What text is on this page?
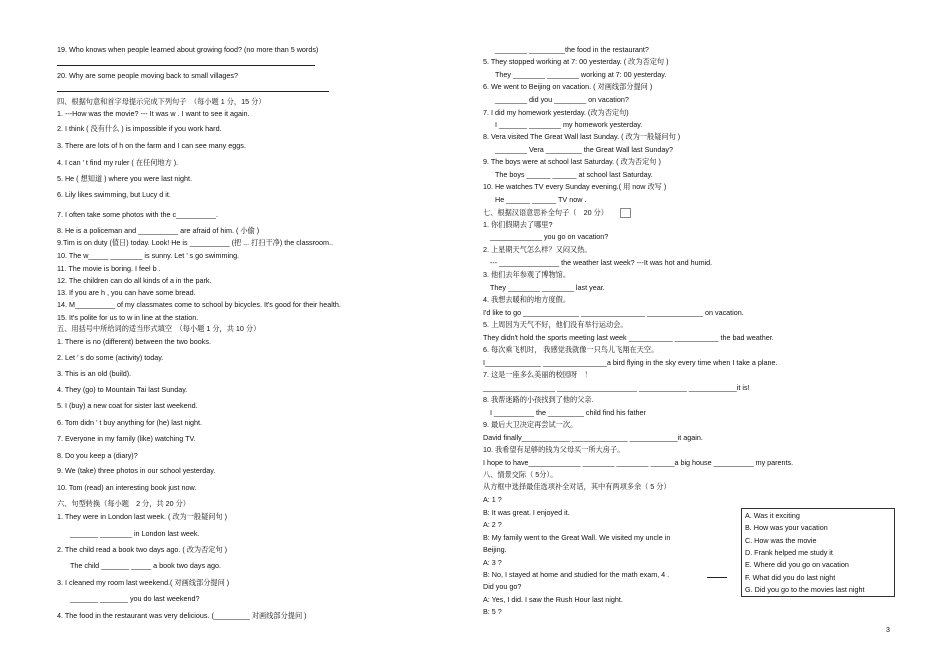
19. Who knows when people learned about growing food? (no more than 5 words)
20. Why are some people moving back to small villages?
四、根据句意和首字母提示完成下列句子　（每小题 1 分，15 分）
1. ---How was the movie? --- It was w . I want to see it again.
2. I think ( 没有什么 ) is impossible if you work hard.
3. There are lots of h on the farm and I can see many eggs.
4. I can ’ t find my ruler ( 在任何地方 ).
5. He ( 想知道 ) where you were last night.
6. Lily likes swimming, but Lucy d it.
7. I often take some photos with the c__________.
8. He is a policeman and __________ are afraid of him. ( 小偷 )
9.Tim is on duty (值日) today. Look! He is __________ (把 ... 打扫干净) the classroom..
10. The w_____ ________ is sunny. Let ’ s go swimming.
11. The movie is boring. I feel b .
12. The children can do all kinds of a in the park.
13. If you are h , you can have some bread.
14. M__________ of my classmates come to school by bicycles. It's good for their health.
15. It's polite for us to w in line at the station.
五、用括号中所给词的适当形式填空　（每小题 1 分，共 10 分）
1. There is no (different) between the two books.
2. Let ’ s do some (activity) today.
3. This is an old (build).
4. They (go) to Mountain Tai last Sunday.
5. I (buy) a new coat for sister last weekend.
6. Tom didn ’ t buy anything for (he) last night.
7. Everyone in my family (like) watching TV.
8. Do you keep a (diary)?
9. We (take) three photos in our school yesterday.
10. Tom (read) an interesting book just now.
六、句型转换（每小题　2 分，共 20 分）
1. They were in London last week. ( 改为一般疑问句 )
_______ ________ in London last week.
2. The child read a book two days ago. ( 改为否定句 )
The child _______ _____ a book two days ago.
3. I cleaned my room last weekend.( 对画线部分提问 )
_______ _______ you do last weekend?
4. The food in the restaurant was very delicious. (_________ 对画线部分提问 )
________ _________the food in the restaurant?
5. They stopped working at 7: 00 yesterday. ( 改为否定句 )
They ________ ________ working at 7: 00 yesterday.
6. We went to Beijing on vacation. ( 对画线部分提问 )
________ did you ________ on vacation?
7. I did my homework yesterday. (改为否定句)
I _______ ________ my homework yesterday.
8. Vera visited The Great Wall last Sunday. ( 改为一般疑问句 )
________ Vera _________ the Great Wall last Sunday?
9. The boys were at school last Saturday. ( 改为否定句 )
The boys ______ ______ at school last Saturday.
10. He watches TV every Sunday evening.( 用 now 改写 )
He ______ ______ TV now .
七、根据汉语意思补全句子（　20 分）
1. 你们假期去了哪里?
_____________ you go on vacation?
2. 上星期天气怎么样？又闷又热。
--- _______________ the weather last week? ---It was hot and humid.
3. 他们去年参观了博物馆。
They ________ ________ last year.
4. 我想去暖和的地方度假。
I'd like to go ______________ ________________ ______________ on vacation.
5. 上周因为天气不好，他们没有举行运动会。
They didn't hold the sports meeting last week ___________ ___________ the bad weather.
6. 每次乘飞机时， 我感觉我就像一只鸟儿飞翔在天空。
I______________ ________________a bird flying in the sky every time when I take a plane.
7. 这是一座多么美丽的校园呀　！
__________________ ____________________ ____________ ____________it is!
8. 我帮迷路的小孩找到了他的父亲.
I __________ the _________ child find his father
9. 最后大卫决定再尝试一次。
David finally____________ ______________ ____________it again.
10. 我希望有足够的钱为父母买一所大房子。
I hope to have_____________ ________ ________ ______a big house __________ my parents.
八、情景交际（ 5分）。
从方框中选择最佳选项补全对话，其中有两项多余（ 5 分）
A: 1 ?
B: It was great. I enjoyed it.
A: 2 ?
B: My family went to the Great Wall. We visited my uncle in
Beijing.
A: 3 ?
B: No, I stayed at home and studied for the math exam, 4 .
Did you go?
A: Yes, I did. I saw the Rush Hour last night.
B: 5 ?
A. Was it exciting
B. How was your vacation
C. How was the movie
D. Frank helped me study it
E. Where did you go on vacation
F. What did you do last night
G. Did you go to the movies last night
3
